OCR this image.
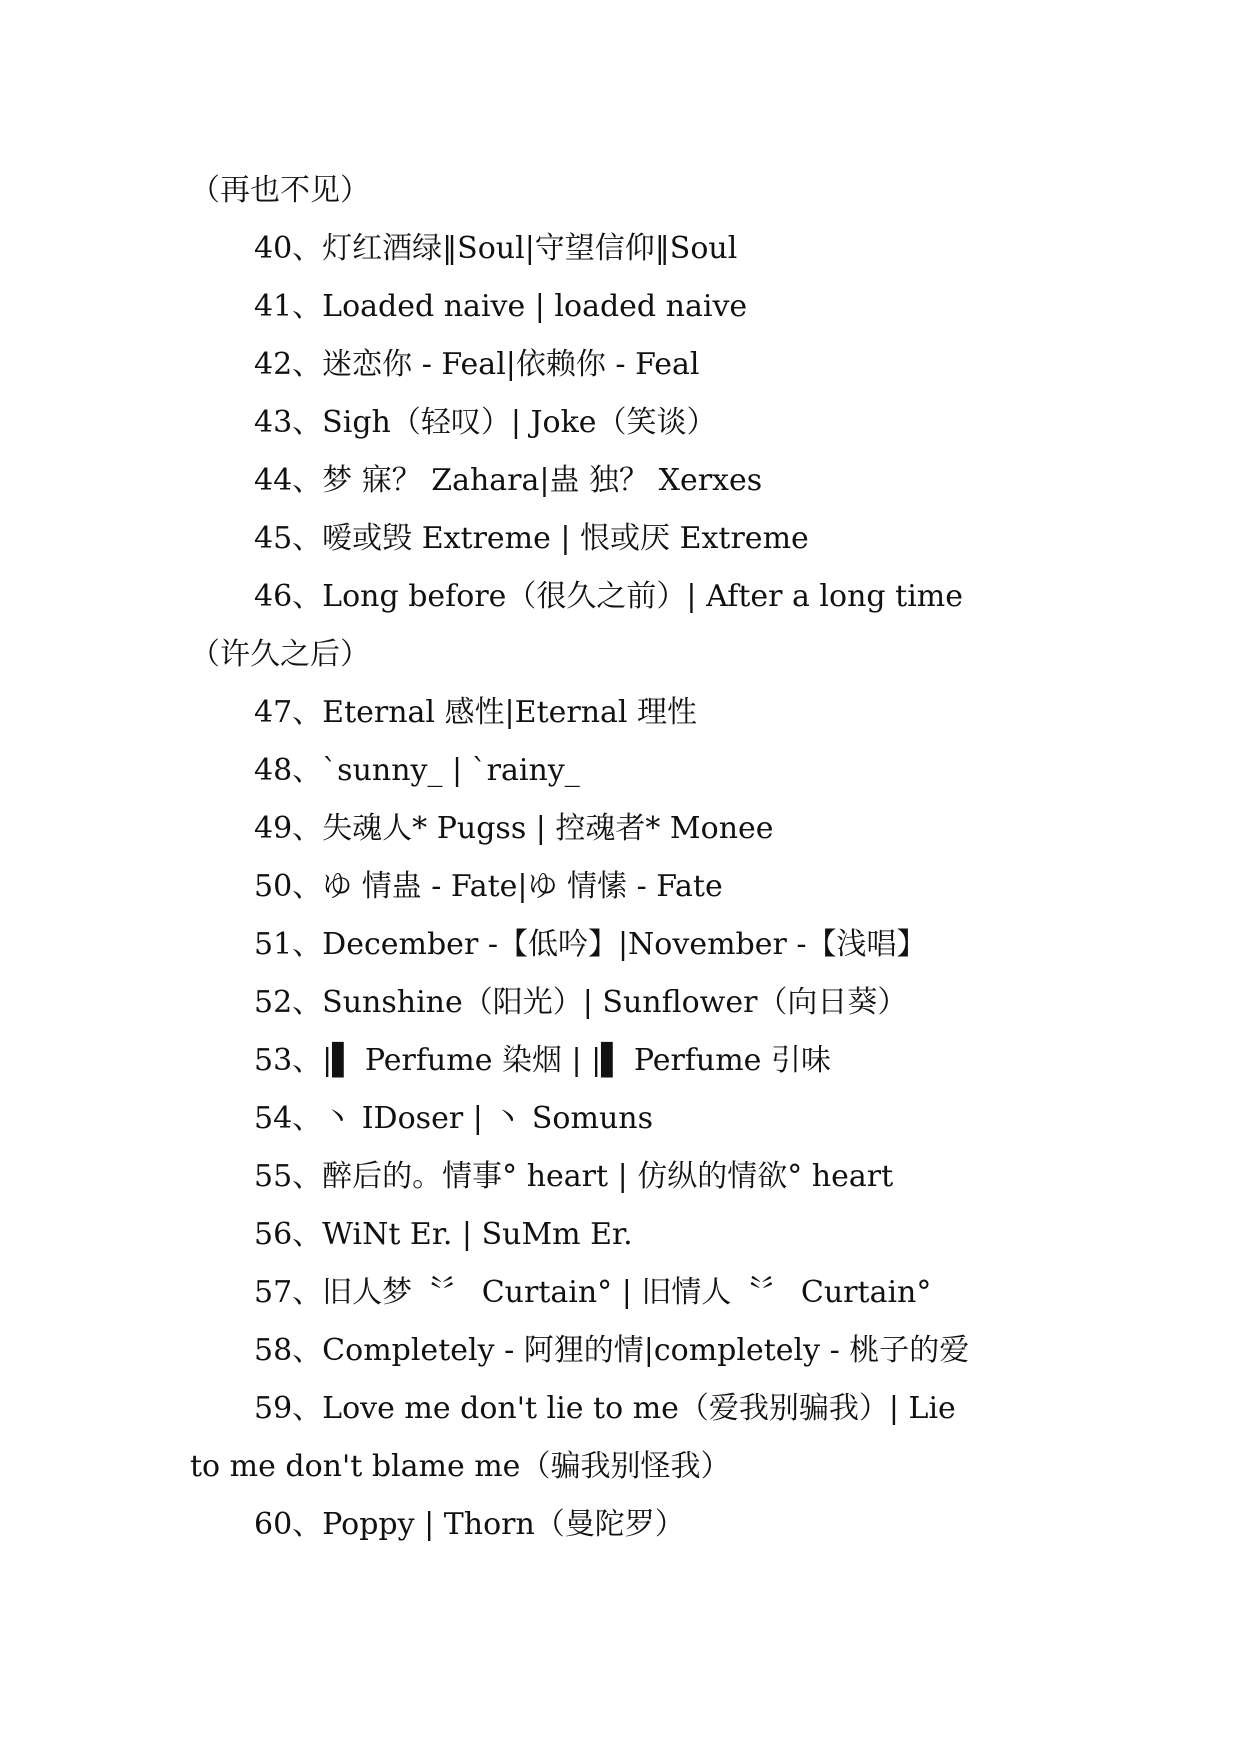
（再也不见）
40、灯红酒绿‖Soul|守望信仰‖Soul
41、Loaded naive | loaded naive
42、迷恋你 - Feal|依赖你 - Feal
43、Sigh（轻叹）| Joke（笑谈）
44、梦 寐？ Zahara|蛊 独？ Xerxes
45、嗳或毁 Extreme | 恨或厌 Extreme
46、Long before（很久之前）| After a long time
（许久之后）
47、Eternal 感性|Eternal 理性
48、`sunny_ | `rainy_
49、失魂人* Pugss | 控魂者* Monee
50、ゆ 情蛊 - Fate|ゆ 情愫 - Fate
51、December -【低吟】|November -【浅唱】
52、Sunshine（阳光）| Sunflower（向日葵）
53、|▌ Perfume 染烟 | |▌ Perfume 引味
54、丶 IDoser | 丶 Somuns
55、醉后的。情事° heart | 仿纵的情欲° heart
56、WiNt Er. | SuMm Er.
57、旧人梦〝〞 Curtain° | 旧情人〝〞 Curtain°
58、Completely - 阿狸的情|completely - 桃子的爱
59、Love me don't lie to me（爱我别骗我）| Lie
to me don't blame me（骗我别怪我）
60、Poppy | Thorn（曼陀罗）
